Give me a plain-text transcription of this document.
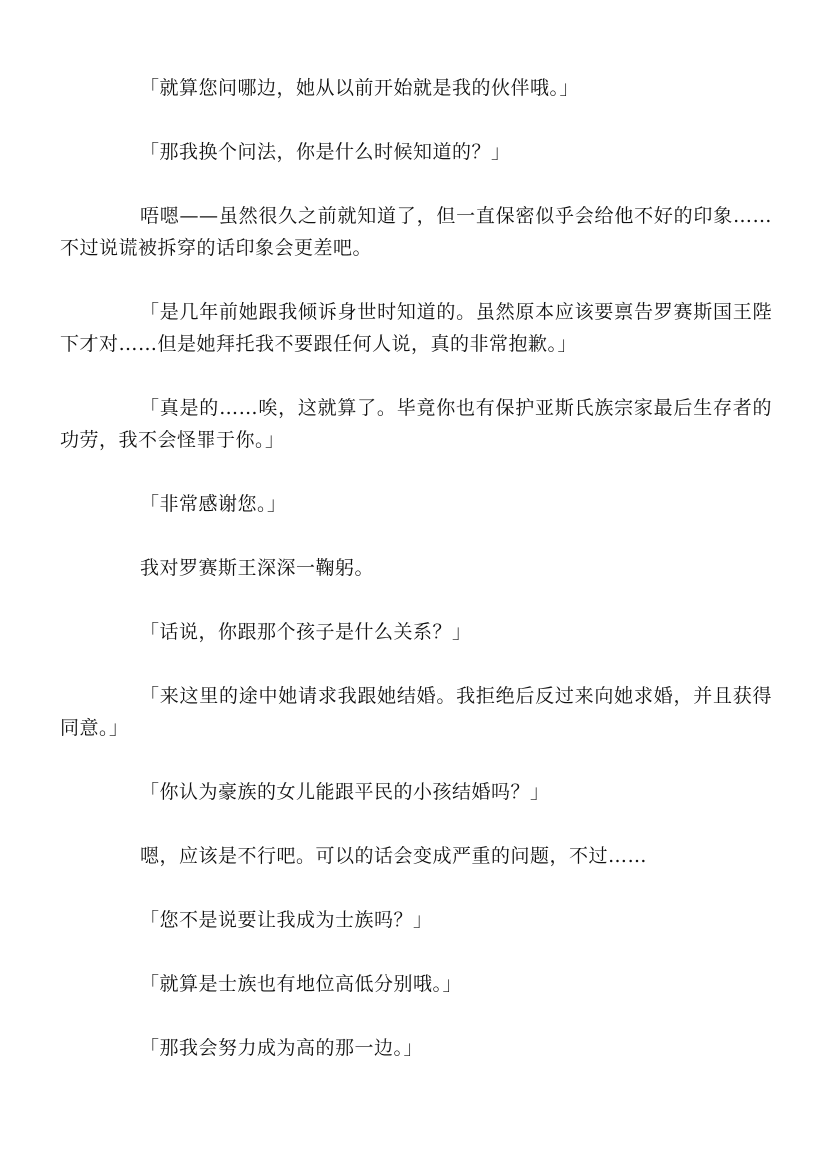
「就算您问哪边，她从以前开始就是我的伙伴哦。」

「那我换个问法，你是什么时候知道的？」

唔嗯——虽然很久之前就知道了，但一直保密似乎会给他不好的印象……不过说谎被拆穿的话印象会更差吧。

「是几年前她跟我倾诉身世时知道的。虽然原本应该要禀告罗赛斯国王陛下才对……但是她拜托我不要跟任何人说，真的非常抱歉。」

「真是的……唉，这就算了。毕竟你也有保护亚斯氏族宗家最后生存者的功劳，我不会怪罪于你。」

「非常感谢您。」

我对罗赛斯王深深一鞠躬。

「话说，你跟那个孩子是什么关系？」

「来这里的途中她请求我跟她结婚。我拒绝后反过来向她求婚，并且获得同意。」

「你认为豪族的女儿能跟平民的小孩结婚吗？」

嗯，应该是不行吧。可以的话会变成严重的问题，不过……

「您不是说要让我成为士族吗？」

「就算是士族也有地位高低分别哦。」

「那我会努力成为高的那一边。」
